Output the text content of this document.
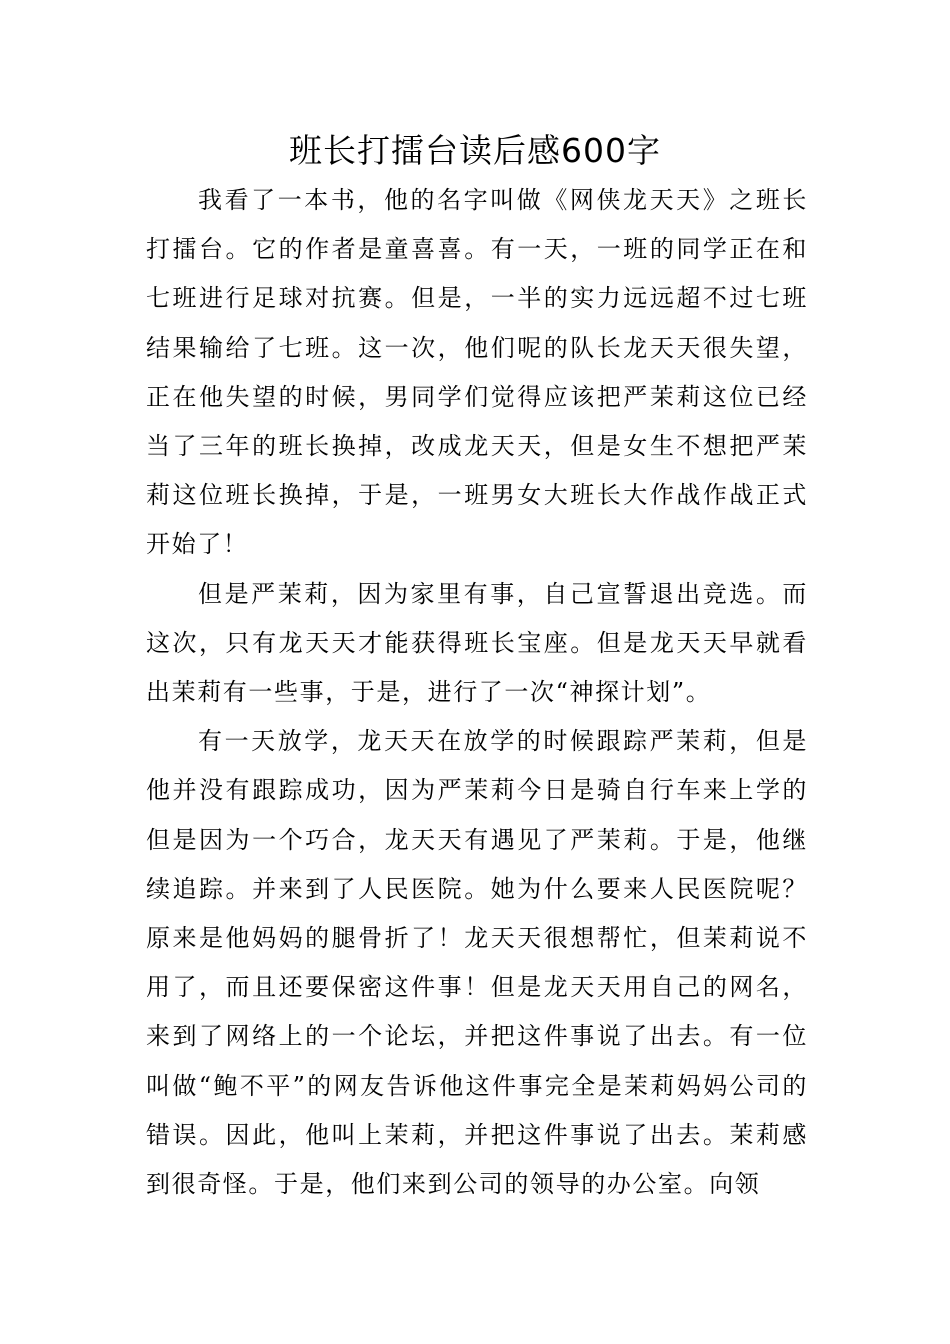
班长打擂台读后感600字

我看了一本书，他的名字叫做《网侠龙天天》之班长打擂台。它的作者是童喜喜。有一天，一班的同学正在和七班进行足球对抗赛。但是，一半的实力远远超不过七班结果输给了七班。这一次，他们呢的队长龙天天很失望，正在他失望的时候，男同学们觉得应该把严茉莉这位已经当了三年的班长换掉，改成龙天天，但是女生不想把严茉莉这位班长换掉，于是，一班男女大班长大作战作战正式开始了！

但是严茉莉，因为家里有事，自己宣誓退出竞选。而这次，只有龙天天才能获得班长宝座。但是龙天天早就看出茉莉有一些事，于是，进行了一次“神探计划”。

有一天放学，龙天天在放学的时候跟踪严茉莉，但是他并没有跟踪成功，因为严茉莉今日是骑自行车来上学的但是因为一个巧合，龙天天有遇见了严茉莉。于是，他继续追踪。并来到了人民医院。她为什么要来人民医院呢？原来是他妈妈的腿骨折了！龙天天很想帮忙，但茉莉说不用了，而且还要保密这件事！但是龙天天用自己的网名，来到了网络上的一个论坛，并把这件事说了出去。有一位叫做“鲍不平”的网友告诉他这件事完全是茉莉妈妈公司的错误。因此，他叫上茉莉，并把这件事说了出去。茉莉感到很奇怪。于是，他们来到公司的领导的办公室。向领
